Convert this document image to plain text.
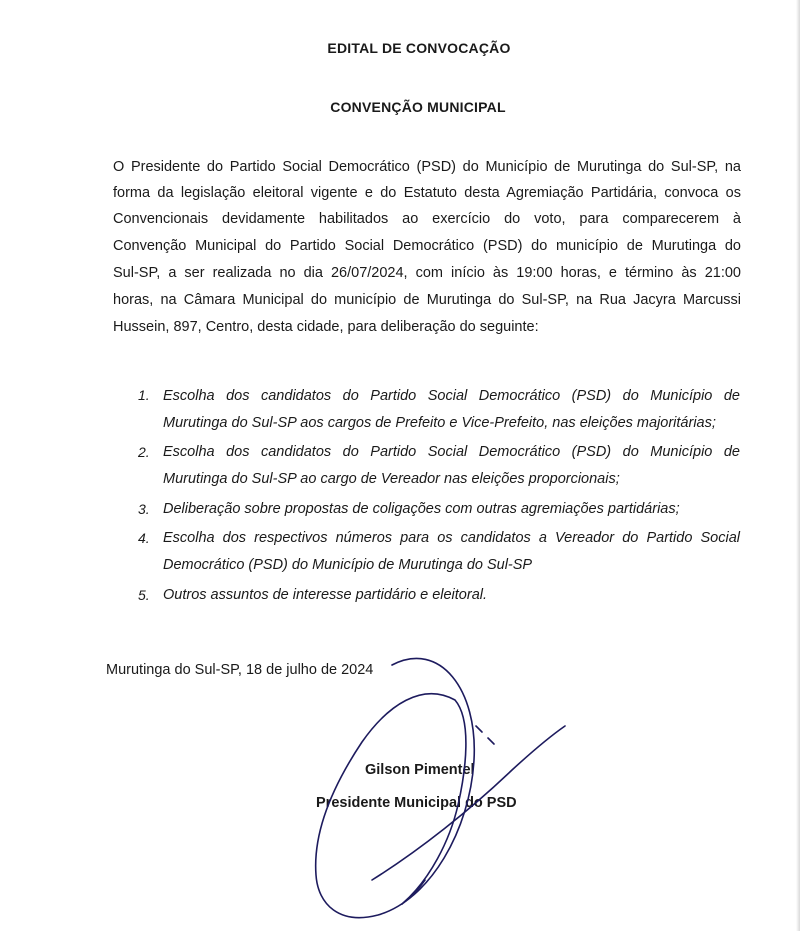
EDITAL DE CONVOCAÇÃO
CONVENÇÃO MUNICIPAL
O Presidente do Partido Social Democrático (PSD) do Município de Murutinga do Sul-SP, na
forma da legislação eleitoral vigente e do Estatuto desta Agremiação Partidária, convoca os
Convencionais devidamente habilitados ao exercício do voto, para comparecerem à
Convenção Municipal do Partido Social Democrático (PSD) do município de Murutinga do
Sul-SP, a ser realizada no dia 26/07/2024, com início às 19:00 horas, e término às 21:00
horas, na Câmara Municipal do município de Murutinga do Sul-SP, na Rua Jacyra Marcussi
Hussein, 897, Centro, desta cidade, para deliberação do seguinte:
1. Escolha dos candidatos do Partido Social Democrático (PSD) do Município de
Murutinga do Sul-SP aos cargos de Prefeito e Vice-Prefeito, nas eleições majoritárias;
2. Escolha dos candidatos do Partido Social Democrático (PSD) do Município de
Murutinga do Sul-SP ao cargo de Vereador nas eleições proporcionais;
3. Deliberação sobre propostas de coligações com outras agremiações partidárias;
4. Escolha dos respectivos números para os candidatos a Vereador do Partido Social
Democrático (PSD) do Município de Murutinga do Sul-SP
5. Outros assuntos de interesse partidário e eleitoral.
Murutinga do Sul-SP, 18 de julho de 2024
Gilson Pimentel
Presidente Municipal do PSD
